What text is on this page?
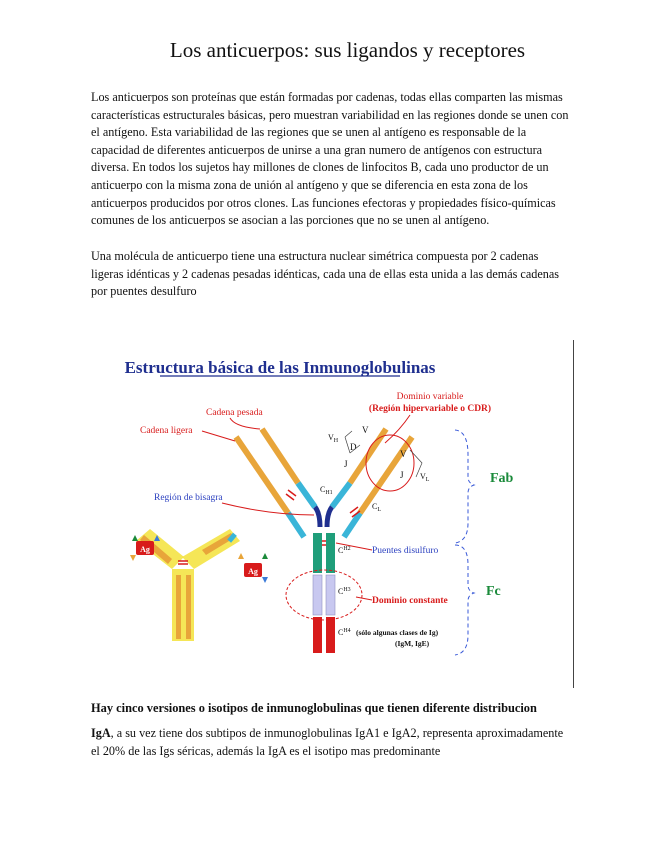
Los anticuerpos: sus ligandos y receptores

Los anticuerpos son proteínas que están formadas por cadenas, todas ellas comparten las mismas características estructurales básicas, pero muestran variabilidad en las regiones donde se unen con el antígeno. Esta variabilidad de las regiones que se unen al antígeno es responsable de la capacidad de diferentes anticuerpos de unirse a una gran numero de antígenos con estructura diversa. En todos los sujetos hay millones de clones de linfocitos B, cada uno productor de un anticuerpo con la misma zona de unión al antígeno y que se diferencia en esta zona de los anticuerpos producidos por otros clones. Las funciones efectoras y propiedades físico-químicas comunes de los anticuerpos se asocian a las porciones que no se unen al antígeno.

Una molécula de anticuerpo tiene una estructura nuclear simétrica compuesta por 2 cadenas ligeras idénticas y 2 cadenas pesadas idénticas, cada una de ellas esta unida a las demás cadenas por puentes desulfuro

Estructura básica de las Inmunoglobulinas
Ag
Ag
Cadena pesada
Cadena ligera
Región de bisagra
Dominio variable
(Región hipervariable o CDR)
$V_H$
D
J
V
V
J $V_L$
$C_{H1}$
$C_L$
$C^{H2}$ Puentes disulfuro
$C^{H3}$
Dominio constante
$C^{H4}$ (sólo algunas clases de Ig)
(IgM, IgE)
Fab
Fc

Hay cinco versiones o isotipos de inmunoglobulinas que tienen diferente distribucion

IgA, a su vez tiene dos subtipos de inmunoglobulinas IgA1 e IgA2, representa aproximadamente el 20% de las Igs séricas, además la IgA es el isotipo mas predominante
